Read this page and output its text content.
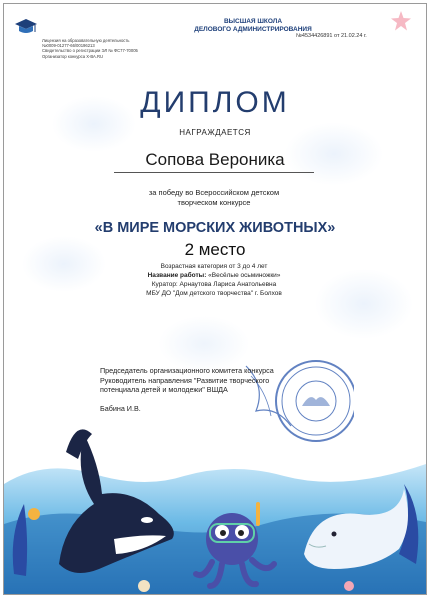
ВЫСШАЯ ШКОЛА
ДЕЛОВОГО АДМИНИСТРИРОВАНИЯ
Лицензия на образовательную деятельность
№0009-01277-66/00196213
Свидетельство о регистрации ЭЛ № ФС77-70005
Организатор конкурса Х-ВА.RU
№4534426891 от 21.02.24 г.
ДИПЛОМ
НАГРАЖДАЕТСЯ
Сопова Вероника
за победу во Всероссийском детском
творческом конкурсе
«В МИРЕ МОРСКИХ ЖИВОТНЫХ»
2 место
Возрастная категория от 3 до 4 лет
Название работы: «Весёлые осьминожки»
Куратор: Арнаутова Лариса Анатольевна
МБУ ДО "Дом детского творчества" г. Болхов
Председатель организационного комитета конкурса
Руководитель направления "Развитие творческого
потенциала детей и молодежи" ВШДА
Бабина И.В.
